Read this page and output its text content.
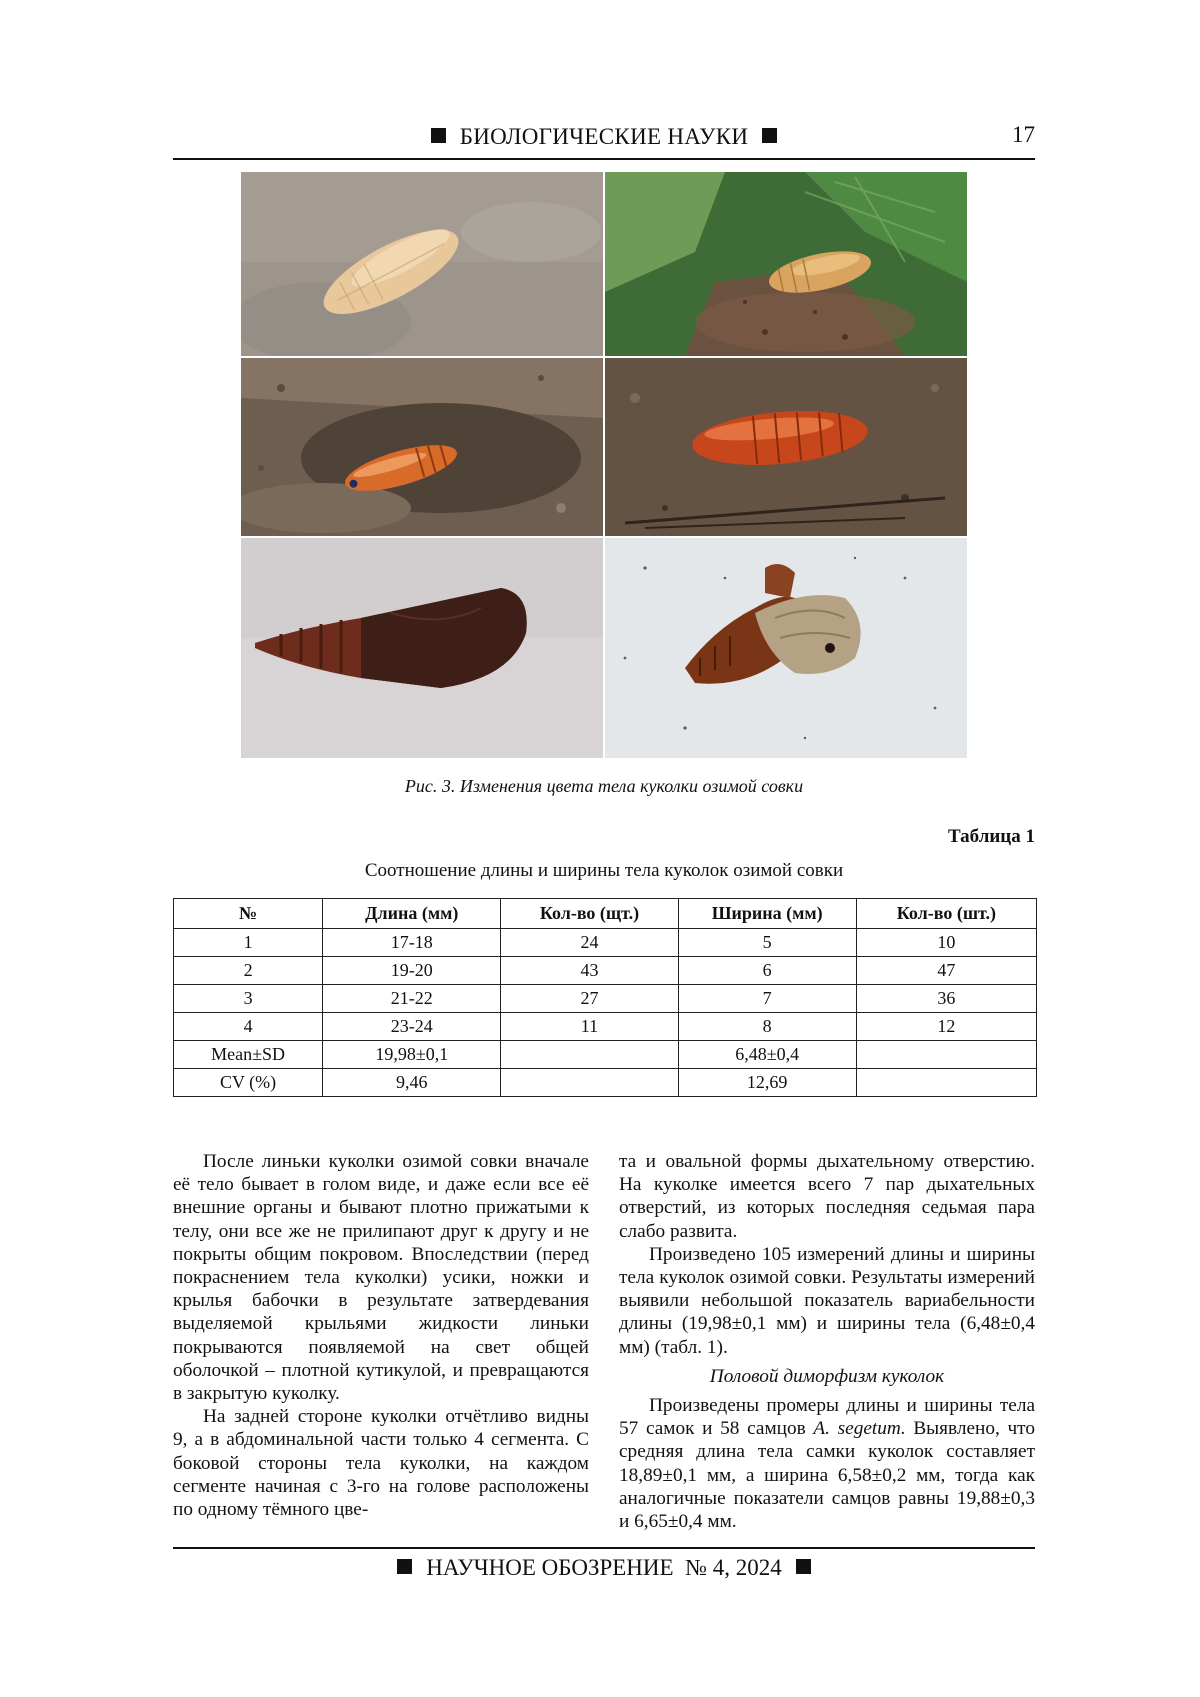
БИОЛОГИЧЕСКИЕ НАУКИ	17
Рис. 3. Изменения цвета тела куколки озимой совки
Таблица 1
Соотношение длины и ширины тела куколок озимой совки
№	Длина (мм)	Кол-во (щт.)	Ширина (мм)	Кол-во (шт.)
1	17-18	24	5	10
2	19-20	43	6	47
3	21-22	27	7	36
4	23-24	11	8	12
Mean±SD	19,98±0,1		6,48±0,4	
CV (%)	9,46		12,69	

После линьки куколки озимой совки вначале её тело бывает в голом виде, и даже если все её внешние органы и бывают плотно прижатыми к телу, они все же не прилипают друг к другу и не покрыты общим покровом. Впоследствии (перед покраснением тела куколки) усики, ножки и крылья бабочки в результате затвердевания выделяемой крыльями жидкости линьки покрываются появляемой на свет общей оболочкой – плотной кутикулой, и превращаются в закрытую куколку.

На задней стороне куколки отчётливо видны 9, а в абдоминальной части только 4 сегмента. С боковой стороны тела куколки, на каждом сегменте начиная с 3-го на голове расположены по одному тёмного цве-

та и овальной формы дыхательному отверстию. На куколке имеется всего 7 пар дыхательных отверстий, из которых последняя седьмая пара слабо развита.

Произведено 105 измерений длины и ширины тела куколок озимой совки. Результаты измерений выявили небольшой показатель вариабельности длины (19,98±0,1 мм) и ширины тела (6,48±0,4 мм) (табл. 1).

Половой диморфизм куколок

Произведены промеры длины и ширины тела 57 самок и 58 самцов A. segetum. Выявлено, что средняя длина тела самки куколок составляет 18,89±0,1 мм, а ширина 6,58±0,2 мм, тогда как аналогичные показатели самцов равны 19,88±0,3 и 6,65±0,4 мм.

НАУЧНОЕ ОБОЗРЕНИЕ № 4, 2024
